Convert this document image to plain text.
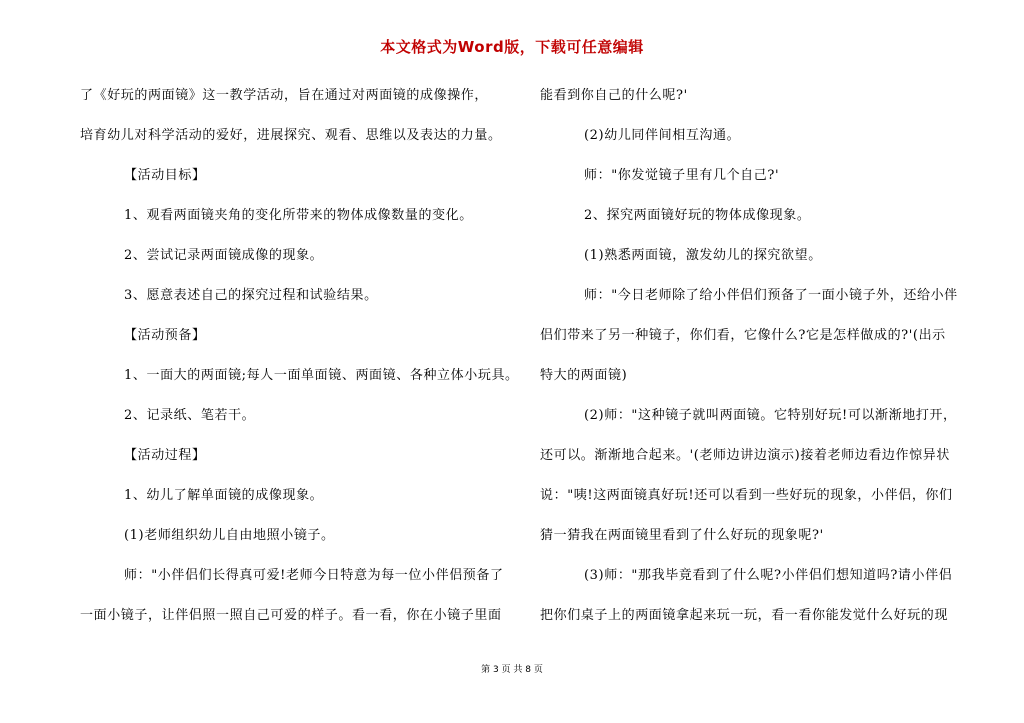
本文格式为Word版，下载可任意编辑
了《好玩的两面镜》这一教学活动，旨在通过对两面镜的成像操作，
培育幼儿对科学活动的爱好，进展探究、观看、思维以及表达的力量。
【活动目标】
1、观看两面镜夹角的变化所带来的物体成像数量的变化。
2、尝试记录两面镜成像的现象。
3、愿意表述自己的探究过程和试验结果。
【活动预备】
1、一面大的两面镜;每人一面单面镜、两面镜、各种立体小玩具。
2、记录纸、笔若干。
【活动过程】
1、幼儿了解单面镜的成像现象。
(1)老师组织幼儿自由地照小镜子。
师："小伴侣们长得真可爱!老师今日特意为每一位小伴侣预备了
一面小镜子，让伴侣照一照自己可爱的样子。看一看，你在小镜子里面
能看到你自己的什么呢?'
(2)幼儿同伴间相互沟通。
师："你发觉镜子里有几个自己?'
2、探究两面镜好玩的物体成像现象。
(1)熟悉两面镜，激发幼儿的探究欲望。
师："今日老师除了给小伴侣们预备了一面小镜子外，还给小伴
侣们带来了另一种镜子，你们看，它像什么?它是怎样做成的?'(出示
特大的两面镜)
(2)师："这种镜子就叫两面镜。它特别好玩!可以渐渐地打开，
还可以。渐渐地合起来。'(老师边讲边演示)接着老师边看边作惊异状
说："咦!这两面镜真好玩!还可以看到一些好玩的现象，小伴侣，你们
猜一猜我在两面镜里看到了什么好玩的现象呢?'
(3)师："那我毕竟看到了什么呢?小伴侣们想知道吗?请小伴侣
把你们桌子上的两面镜拿起来玩一玩，看一看你能发觉什么好玩的现
第 3 页 共 8 页
